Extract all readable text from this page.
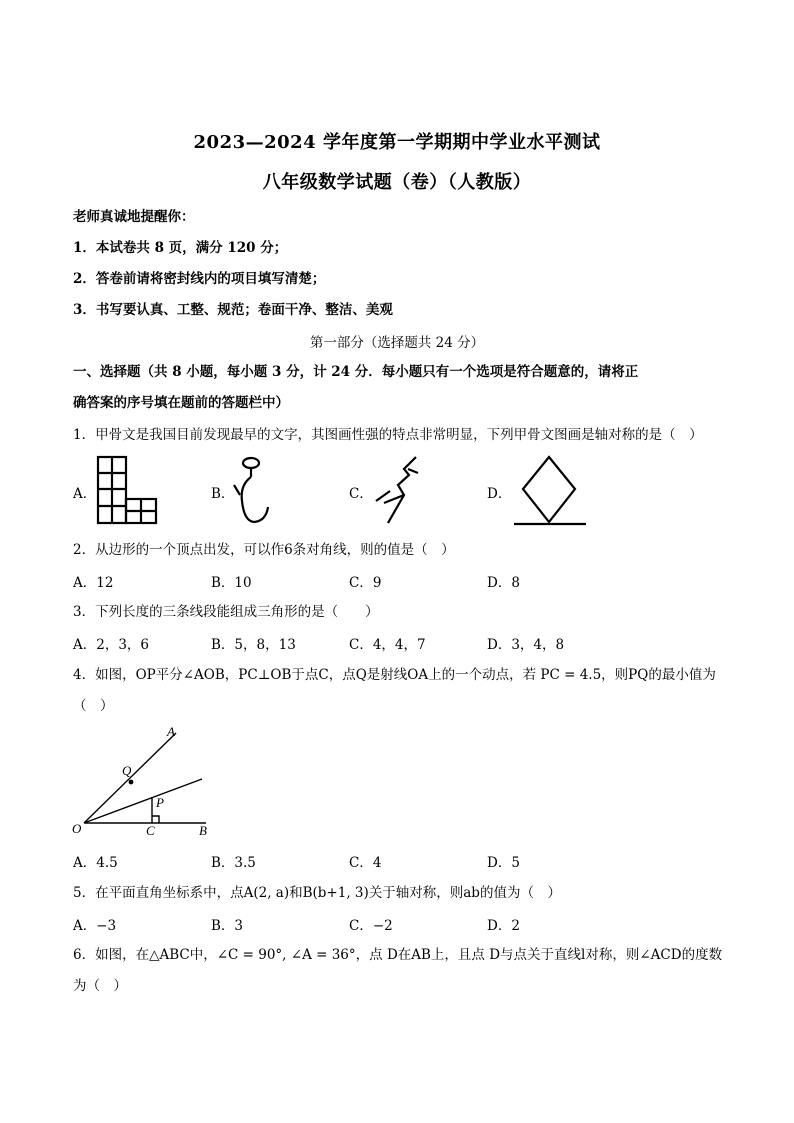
2023—2024 学年度第一学期期中学业水平测试
八年级数学试题（卷）（人教版）
老师真诚地提醒你：
1．本试卷共 8 页，满分 120 分；
2．答卷前请将密封线内的项目填写清楚；
3．书写要认真、工整、规范；卷面干净、整洁、美观
第一部分（选择题共 24 分）
一、选择题（共 8 小题，每小题 3 分，计 24 分．每小题只有一个选项是符合题意的，请将正
确答案的序号填在题前的答题栏中）
1．甲骨文是我国目前发现最早的文字，其图画性强的特点非常明显，下列甲骨文图画是轴对称的是（　）
A．	B．	C．	D．
2．从边形的一个顶点出发，可以作6条对角线，则的值是（　）
A．12	B．10	C．9	D．8
3．下列长度的三条线段能组成三角形的是（　　）
A．2，3，6	B．5，8，13	C．4，4，7	D．3，4，8
4．如图，OP平分∠AOB，PC⊥OB于点C，点Q是射线OA上的一个动点，若 PC = 4.5，则PQ的最小值为
（　）
A
Q
P
O	C	B
A．4.5	B．3.5	C．4	D．5
5．在平面直角坐标系中，点A(2, a)和B(b+1, 3)关于轴对称，则ab的值为（　）
A．−3	B．3	C．−2	D．2
6．如图，在△ABC中，∠C = 90°, ∠A = 36°，点 D在AB上，且点 D与点关于直线l对称，则∠ACD的度数
为（　）
